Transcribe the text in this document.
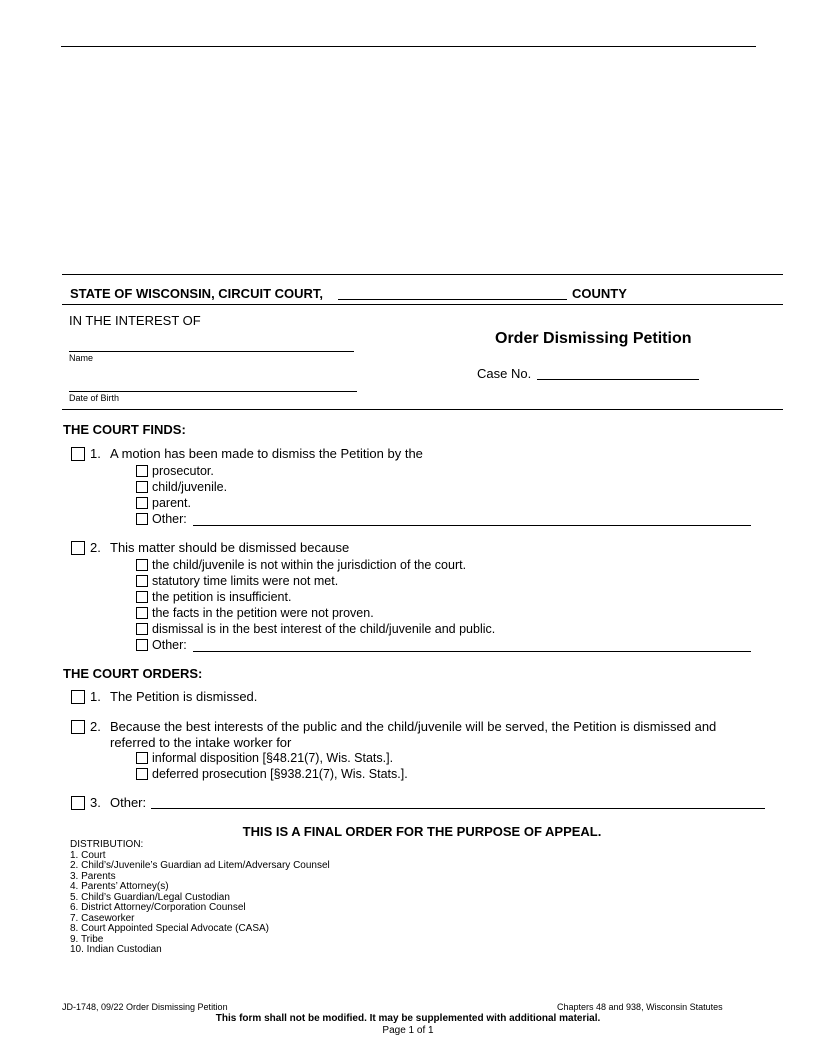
STATE OF WISCONSIN, CIRCUIT COURT,	COUNTY
IN THE INTEREST OF
Name
Date of Birth
Order Dismissing Petition
Case No.
THE COURT FINDS:
1. A motion has been made to dismiss the Petition by the
prosecutor.
child/juvenile.
parent.
Other:
2. This matter should be dismissed because
the child/juvenile is not within the jurisdiction of the court.
statutory time limits were not met.
the petition is insufficient.
the facts in the petition were not proven.
dismissal is in the best interest of the child/juvenile and public.
Other:
THE COURT ORDERS:
1. The Petition is dismissed.
2. Because the best interests of the public and the child/juvenile will be served, the Petition is dismissed and
referred to the intake worker for
informal disposition [§48.21(7), Wis. Stats.].
deferred prosecution [§938.21(7), Wis. Stats.].
3. Other:
THIS IS A FINAL ORDER FOR THE PURPOSE OF APPEAL.
DISTRIBUTION:
1. Court
2. Child’s/Juvenile’s Guardian ad Litem/Adversary Counsel
3. Parents
4. Parents’ Attorney(s)
5. Child’s Guardian/Legal Custodian
6. District Attorney/Corporation Counsel
7. Caseworker
8. Court Appointed Special Advocate (CASA)
9. Tribe
10. Indian Custodian
JD-1748, 09/22 Order Dismissing Petition	Chapters 48 and 938, Wisconsin Statutes
This form shall not be modified. It may be supplemented with additional material.
Page 1 of 1
